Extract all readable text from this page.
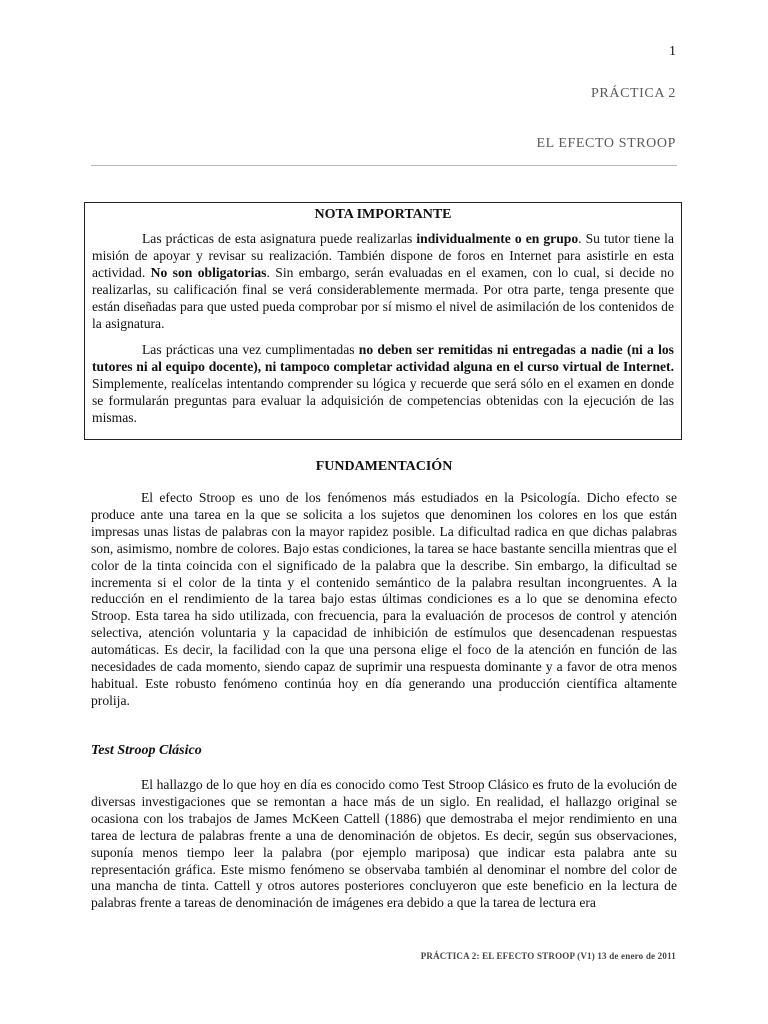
1
PRÁCTICA 2
EL EFECTO STROOP
NOTA IMPORTANTE

Las prácticas de esta asignatura puede realizarlas individualmente o en grupo. Su tutor tiene la misión de apoyar y revisar su realización. También dispone de foros en Internet para asistirle en esta actividad. No son obligatorias. Sin embargo, serán evaluadas en el examen, con lo cual, si decide no realizarlas, su calificación final se verá considerablemente mermada. Por otra parte, tenga presente que están diseñadas para que usted pueda comprobar por sí mismo el nivel de asimilación de los contenidos de la asignatura.

Las prácticas una vez cumplimentadas no deben ser remitidas ni entregadas a nadie (ni a los tutores ni al equipo docente), ni tampoco completar actividad alguna en el curso virtual de Internet. Simplemente, realícelas intentando comprender su lógica y recuerde que será sólo en el examen en donde se formularán preguntas para evaluar la adquisición de competencias obtenidas con la ejecución de las mismas.

FUNDAMENTACIÓN

El efecto Stroop es uno de los fenómenos más estudiados en la Psicología. Dicho efecto se produce ante una tarea en la que se solicita a los sujetos que denominen los colores en los que están impresas unas listas de palabras con la mayor rapidez posible. La dificultad radica en que dichas palabras son, asimismo, nombre de colores. Bajo estas condiciones, la tarea se hace bastante sencilla mientras que el color de la tinta coincida con el significado de la palabra que la describe. Sin embargo, la dificultad se incrementa si el color de la tinta y el contenido semántico de la palabra resultan incongruentes. A la reducción en el rendimiento de la tarea bajo estas últimas condiciones es a lo que se denomina efecto Stroop. Esta tarea ha sido utilizada, con frecuencia, para la evaluación de procesos de control y atención selectiva, atención voluntaria y la capacidad de inhibición de estímulos que desencadenan respuestas automáticas. Es decir, la facilidad con la que una persona elige el foco de la atención en función de las necesidades de cada momento, siendo capaz de suprimir una respuesta dominante y a favor de otra menos habitual. Este robusto fenómeno continúa hoy en día generando una producción científica altamente prolija.

Test Stroop Clásico

El hallazgo de lo que hoy en día es conocido como Test Stroop Clásico es fruto de la evolución de diversas investigaciones que se remontan a hace más de un siglo. En realidad, el hallazgo original se ocasiona con los trabajos de James McKeen Cattell (1886) que demostraba el mejor rendimiento en una tarea de lectura de palabras frente a una de denominación de objetos. Es decir, según sus observaciones, suponía menos tiempo leer la palabra (por ejemplo mariposa) que indicar esta palabra ante su representación gráfica. Este mismo fenómeno se observaba también al denominar el nombre del color de una mancha de tinta. Cattell y otros autores posteriores concluyeron que este beneficio en la lectura de palabras frente a tareas de denominación de imágenes era debido a que la tarea de lectura era

PRÁCTICA 2: EL EFECTO STROOP (V1) 13 de enero de 2011
